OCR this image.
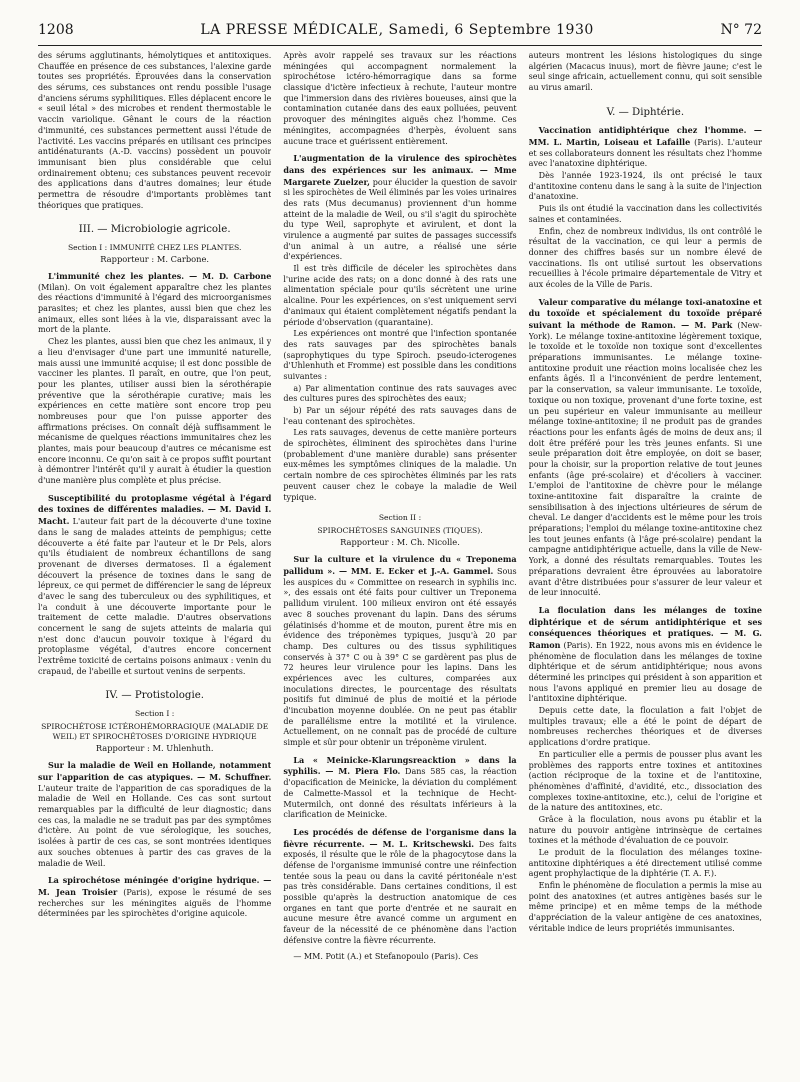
1208	LA PRESSE MÉDICALE, Samedi, 6 Septembre 1930	N° 72

des sérums agglutinants, hémolytiques et antitoxiques. Chauffée en présence de ces substances, l'alexine garde toutes ses propriétés. Éprouvées dans la conservation des sérums, ces substances ont rendu possible l'usage d'anciens sérums syphilitiques. Elles déplacent encore le « seuil létal » des microbes et rendent thermostable le vaccin variolique. Gênant le cours de la réaction d'immunité, ces substances permettent aussi l'étude de l'activité. Les vaccins préparés en utilisant ces principes antidénaturants (A.-D. vaccins) possèdent un pouvoir immunisant bien plus considérable que celui ordinairement obtenu; ces substances peuvent recevoir des applications dans d'autres domaines; leur étude permettra de résoudre d'importants problèmes tant théoriques que pratiques.

III. — Microbiologie agricole.
Section I : IMMUNITÉ CHEZ LES PLANTES.
Rapporteur : M. Carbone.

L'immunité chez les plantes. — M. D. Carbone (Milan). On voit également apparaître chez les plantes des réactions d'immunité à l'égard des microorganismes parasites; et chez les plantes, aussi bien que chez les animaux, elles sont liées à la vie, disparaissant avec la mort de la plante.

Chez les plantes, aussi bien que chez les animaux, il y a lieu d'envisager d'une part une immunité naturelle, mais aussi une immunité acquise; il est donc possible de vacciner les plantes. Il paraît, en outre, que l'on peut, pour les plantes, utiliser aussi bien la sérothérapie préventive que la sérothérapie curative; mais les expériences en cette matière sont encore trop peu nombreuses pour que l'on puisse apporter des affirmations précises. On connaît déjà suffisamment le mécanisme de quelques réactions immunitaires chez les plantes, mais pour beaucoup d'autres ce mécanisme est encore inconnu. Ce qu'on sait à ce propos suffit pourtant à démontrer l'intérêt qu'il y aurait à étudier la question d'une manière plus complète et plus précise.

Susceptibilité du protoplasme végétal à l'égard des toxines de différentes maladies. — M. David I. Macht. L'auteur fait part de la découverte d'une toxine dans le sang de malades atteints de pemphigus; cette découverte a été faite par l'auteur et le Dr Pels, alors qu'ils étudiaient de nombreux échantillons de sang provenant de diverses dermatoses. Il a également découvert la présence de toxines dans le sang de lépreux, ce qui permet de différencier le sang de lépreux d'avec le sang des tuberculeux ou des syphilitiques, et l'a conduit à une découverte importante pour le traitement de cette maladie. D'autres observations concernent le sang de sujets atteints de malaria qui n'est donc d'aucun pouvoir toxique à l'égard du protoplasme végétal, d'autres encore concernent l'extrême toxicité de certains poisons animaux : venin du crapaud, de l'abeille et surtout venins de serpents.

IV. — Protistologie.
Section I :
SPIROCHÉTOSE ICTÉROHÉMORRAGIQUE (MALADIE DE WEIL) ET SPIROCHÉTOSES D'ORIGINE HYDRIQUE
Rapporteur : M. Uhlenhuth.

Sur la maladie de Weil en Hollande, notamment sur l'apparition de cas atypiques. — M. Schuffner. L'auteur traite de l'apparition de cas sporadiques de la maladie de Weil en Hollande. Ces cas sont surtout remarquables par la difficulté de leur diagnostic; dans ces cas, la maladie ne se traduit pas par des symptômes d'ictère. Au point de vue sérologique, les souches, isolées à partir de ces cas, se sont montrées identiques aux souches obtenues à partir des cas graves de la maladie de Weil.

La spirochétose méningée d'origine hydrique. — M. Jean Troisier (Paris), expose le résumé de ses recherches sur les méningites aiguës de l'homme déterminées par les spirochètes d'origine aquicole.

Après avoir rappelé ses travaux sur les réactions méningées qui accompagnent normalement la spirochétose ictéro-hémorragique dans sa forme classique d'ictère infectieux à rechute, l'auteur montre que l'immersion dans des rivières boueuses, ainsi que la contamination cutanée dans des eaux polluées, peuvent provoquer des méningites aiguës chez l'homme. Ces méningites, accompagnées d'herpès, évoluent sans aucune trace et guérissent entièrement.

L'augmentation de la virulence des spirochètes dans des expériences sur les animaux. — Mme Margarete Zuelzer, pour élucider la question de savoir si les spirochètes de Weil éliminés par les voies urinaires des rats (Mus decumanus) proviennent d'un homme atteint de la maladie de Weil, ou s'il s'agit du spirochète du type Weil, saprophyte et avirulent, et dont la virulence a augmenté par suites de passages successifs d'un animal à un autre, a réalisé une série d'expériences.

Il est très difficile de déceler les spirochètes dans l'urine acide des rats; on a donc donné à des rats une alimentation spéciale pour qu'ils sécrètent une urine alcaline. Pour les expériences, on s'est uniquement servi d'animaux qui étaient complètement négatifs pendant la période d'observation (quarantaine).

Les expériences ont montré que l'infection spontanée des rats sauvages par des spirochètes banals (saprophytiques du type Spiroch. pseudo-icterogenes d'Uhlenhuth et Fromme) est possible dans les conditions suivantes :

a) Par alimentation continue des rats sauvages avec des cultures pures des spirochètes des eaux;

b) Par un séjour répété des rats sauvages dans de l'eau contenant des spirochètes.

Les rats sauvages, devenus de cette manière porteurs de spirochètes, éliminent des spirochètes dans l'urine (probablement d'une manière durable) sans présenter eux-mêmes les symptômes cliniques de la maladie. Un certain nombre de ces spirochètes éliminés par les rats peuvent causer chez le cobaye la maladie de Weil typique.

Section II :
SPIROCHÉTOSES SANGUINES (TIQUES).
Rapporteur : M. Ch. Nicolle.

Sur la culture et la virulence du « Treponema pallidum ». — MM. E. Ecker et J.-A. Gammel. Sous les auspices du « Committee on research in syphilis inc. », des essais ont été faits pour cultiver un Treponema pallidum virulent. 100 milieux environ ont été essayés avec 8 souches provenant du lapin. Dans des sérums gélatinisés d'homme et de mouton, purent être mis en évidence des tréponèmes typiques, jusqu'à 20 par champ. Des cultures ou des tissus syphilitiques conservés à 37° C ou à 39° C se gardèrent pas plus de 72 heures leur virulence pour les lapins. Dans les expériences avec les cultures, comparées aux inoculations directes, le pourcentage des résultats positifs fut diminué de plus de moitié et la période d'incubation moyenne doublée. On ne peut pas établir de parallélisme entre la motilité et la virulence. Actuellement, on ne connaît pas de procédé de culture simple et sûr pour obtenir un tréponème virulent.

La « Meinicke-Klarungsreacktion » dans la syphilis. — M. Piera Flo. Dans 585 cas, la réaction d'opacification de Meinicke, la déviation du complément de Calmette-Massol et la technique de Hecht-Mutermilch, ont donné des résultats inférieurs à la clarification de Meinicke.

Les procédés de défense de l'organisme dans la fièvre récurrente. — M. L. Kritschewski. Des faits exposés, il résulte que le rôle de la phagocytose dans la défense de l'organisme immunisé contre une réinfection tentée sous la peau ou dans la cavité péritonéale n'est pas très considérable. Dans certaines conditions, il est possible qu'après la destruction anatomique de ces organes en tant que porte d'entrée et ne saurait en aucune mesure être avancé comme un argument en faveur de la nécessité de ce phénomène dans l'action défensive contre la fièvre récurrente.

— MM. Potit (A.) et Stefanopoulo (Paris). Ces

auteurs montrent les lésions histologiques du singe algérien (Macacus inuus), mort de fièvre jaune; c'est le seul singe africain, actuellement connu, qui soit sensible au virus amaril.

V. — Diphtérie.

Vaccination antidiphtérique chez l'homme. — MM. L. Martin, Loiseau et Lafaille (Paris). L'auteur et ses collaborateurs donnent les résultats chez l'homme avec l'anatoxine diphtérique.

Dès l'année 1923-1924, ils ont précisé le taux d'antitoxine contenu dans le sang à la suite de l'injection d'anatoxine.

Puis ils ont étudié la vaccination dans les collectivités saines et contaminées.

Enfin, chez de nombreux individus, ils ont contrôlé le résultat de la vaccination, ce qui leur a permis de donner des chiffres basés sur un nombre élevé de vaccinations. Ils ont utilisé surtout les observations recueillies à l'école primaire départementale de Vitry et aux écoles de la Ville de Paris.

Valeur comparative du mélange toxi-anatoxine et du toxoïde et spécialement du toxoïde préparé suivant la méthode de Ramon. — M. Park (New-York). Le mélange toxine-antitoxine légèrement toxique, le toxoïde et le toxoïde non toxique sont d'excellentes préparations immunisantes. Le mélange toxine-antitoxine produit une réaction moins localisée chez les enfants âgés. Il a l'inconvénient de perdre lentement, par la conservation, sa valeur immunisante. Le toxoïde, toxique ou non toxique, provenant d'une forte toxine, est un peu supérieur en valeur immunisante au meilleur mélange toxine-antitoxine; il ne produit pas de grandes réactions pour les enfants âgés de moins de deux ans; il doit être préféré pour les très jeunes enfants. Si une seule préparation doit être employée, on doit se baser, pour la choisir, sur la proportion relative de tout jeunes enfants (âge pré-scolaire) et d'écoliers à vacciner. L'emploi de l'antitoxine de chèvre pour le mélange toxine-antitoxine fait disparaître la crainte de sensibilisation à des injections ultérieures de sérum de cheval. Le danger d'accidents est le même pour les trois préparations; l'emploi du mélange toxine-antitoxine chez les tout jeunes enfants (à l'âge pré-scolaire) pendant la campagne antidiphtérique actuelle, dans la ville de New-York, a donné des résultats remarquables. Toutes les préparations devraient être éprouvées au laboratoire avant d'être distribuées pour s'assurer de leur valeur et de leur innocuité.

La floculation dans les mélanges de toxine diphtérique et de sérum antidiphtérique et ses conséquences théoriques et pratiques. — M. G. Ramon (Paris). En 1922, nous avons mis en évidence le phénomène de floculation dans les mélanges de toxine diphtérique et de sérum antidiphtérique; nous avons déterminé les principes qui président à son apparition et nous l'avons appliqué en premier lieu au dosage de l'antitoxine diphtérique.

Depuis cette date, la floculation a fait l'objet de multiples travaux; elle a été le point de départ de nombreuses recherches théoriques et de diverses applications d'ordre pratique.

En particulier elle a permis de pousser plus avant les problèmes des rapports entre toxines et antitoxines (action réciproque de la toxine et de l'antitoxine, phénomènes d'affinité, d'avidité, etc., dissociation des complexes toxine-antitoxine, etc.), celui de l'origine et de la nature des antitoxines, etc.

Grâce à la floculation, nous avons pu établir et la nature du pouvoir antigène intrinsèque de certaines toxines et la méthode d'évaluation de ce pouvoir.

Le produit de la floculation des mélanges toxine-antitoxine diphtériques a été directement utilisé comme agent prophylactique de la diphtérie (T. A. F.).

Enfin le phénomène de floculation a permis la mise au point des anatoxines (et autres antigènes basés sur le même principe) et en même temps de la méthode d'appréciation de la valeur antigène de ces anatoxines, véritable indice de leurs propriétés immunisantes.
